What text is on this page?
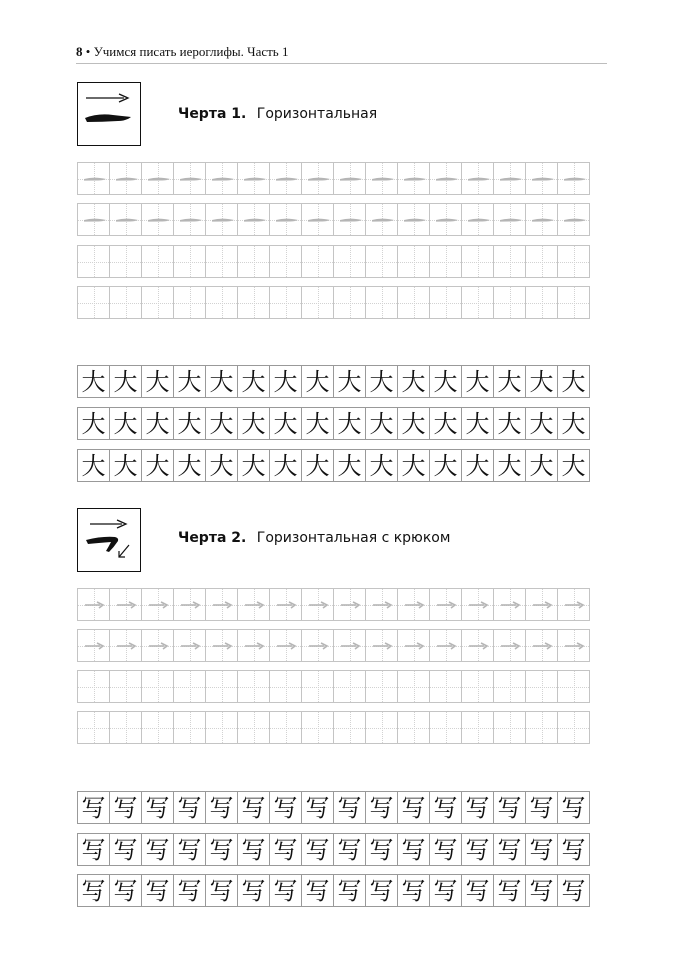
8 • Учимся писать иероглифы. Часть 1
Черта 1. Горизонтальная
大 大 大 大 大 大 大 大 大 大 大 大 大 大 大 大
大 大 大 大 大 大 大 大 大 大 大 大 大 大 大 大
大 大 大 大 大 大 大 大 大 大 大 大 大 大 大 大
Черта 2. Горизонтальная с крюком
写 写 写 写 写 写 写 写 写 写 写 写 写 写 写 写
写 写 写 写 写 写 写 写 写 写 写 写 写 写 写 写
写 写 写 写 写 写 写 写 写 写 写 写 写 写 写 写
